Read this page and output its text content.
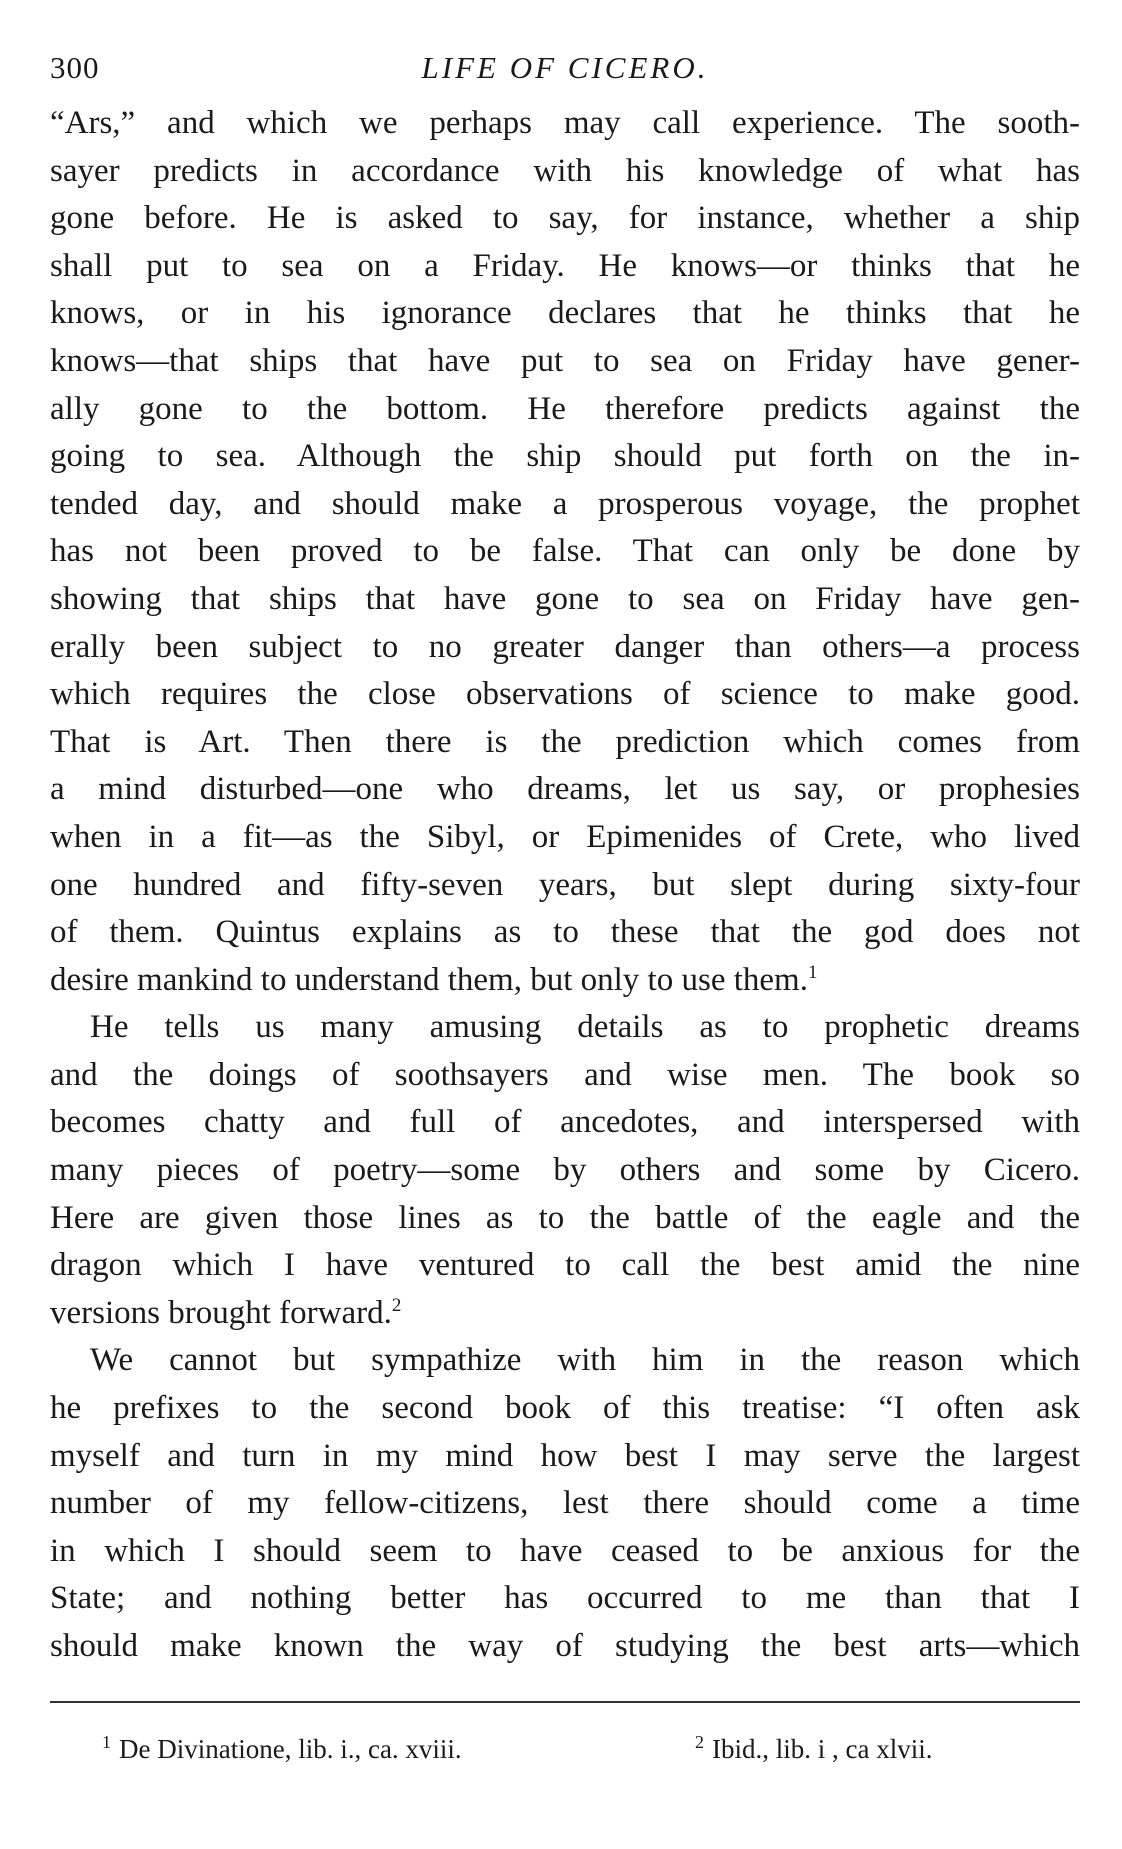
300	LIFE OF CICERO.

“Ars,” and which we perhaps may call experience. The sooth-
sayer predicts in accordance with his knowledge of what has
gone before. He is asked to say, for instance, whether a ship
shall put to sea on a Friday. He knows—or thinks that he
knows, or in his ignorance declares that he thinks that he
knows—that ships that have put to sea on Friday have gener-
ally gone to the bottom. He therefore predicts against the
going to sea. Although the ship should put forth on the in-
tended day, and should make a prosperous voyage, the prophet
has not been proved to be false. That can only be done by
showing that ships that have gone to sea on Friday have gen-
erally been subject to no greater danger than others—a process
which requires the close observations of science to make good.
That is Art. Then there is the prediction which comes from
a mind disturbed—one who dreams, let us say, or prophesies
when in a fit—as the Sibyl, or Epimenides of Crete, who lived
one hundred and fifty-seven years, but slept during sixty-four
of them. Quintus explains as to these that the god does not
desire mankind to understand them, but only to use them.$^1$

He tells us many amusing details as to prophetic dreams
and the doings of soothsayers and wise men. The book so
becomes chatty and full of ancedotes, and interspersed with
many pieces of poetry—some by others and some by Cicero.
Here are given those lines as to the battle of the eagle and the
dragon which I have ventured to call the best amid the nine
versions brought forward.$^2$

We cannot but sympathize with him in the reason which
he prefixes to the second book of this treatise: “I often ask
myself and turn in my mind how best I may serve the largest
number of my fellow-citizens, lest there should come a time
in which I should seem to have ceased to be anxious for the
State; and nothing better has occurred to me than that I
should make known the way of studying the best arts—which

$^1$ De Divinatione, lib. i., ca. xviii.	$^2$ Ibid., lib. i , ca xlvii.
